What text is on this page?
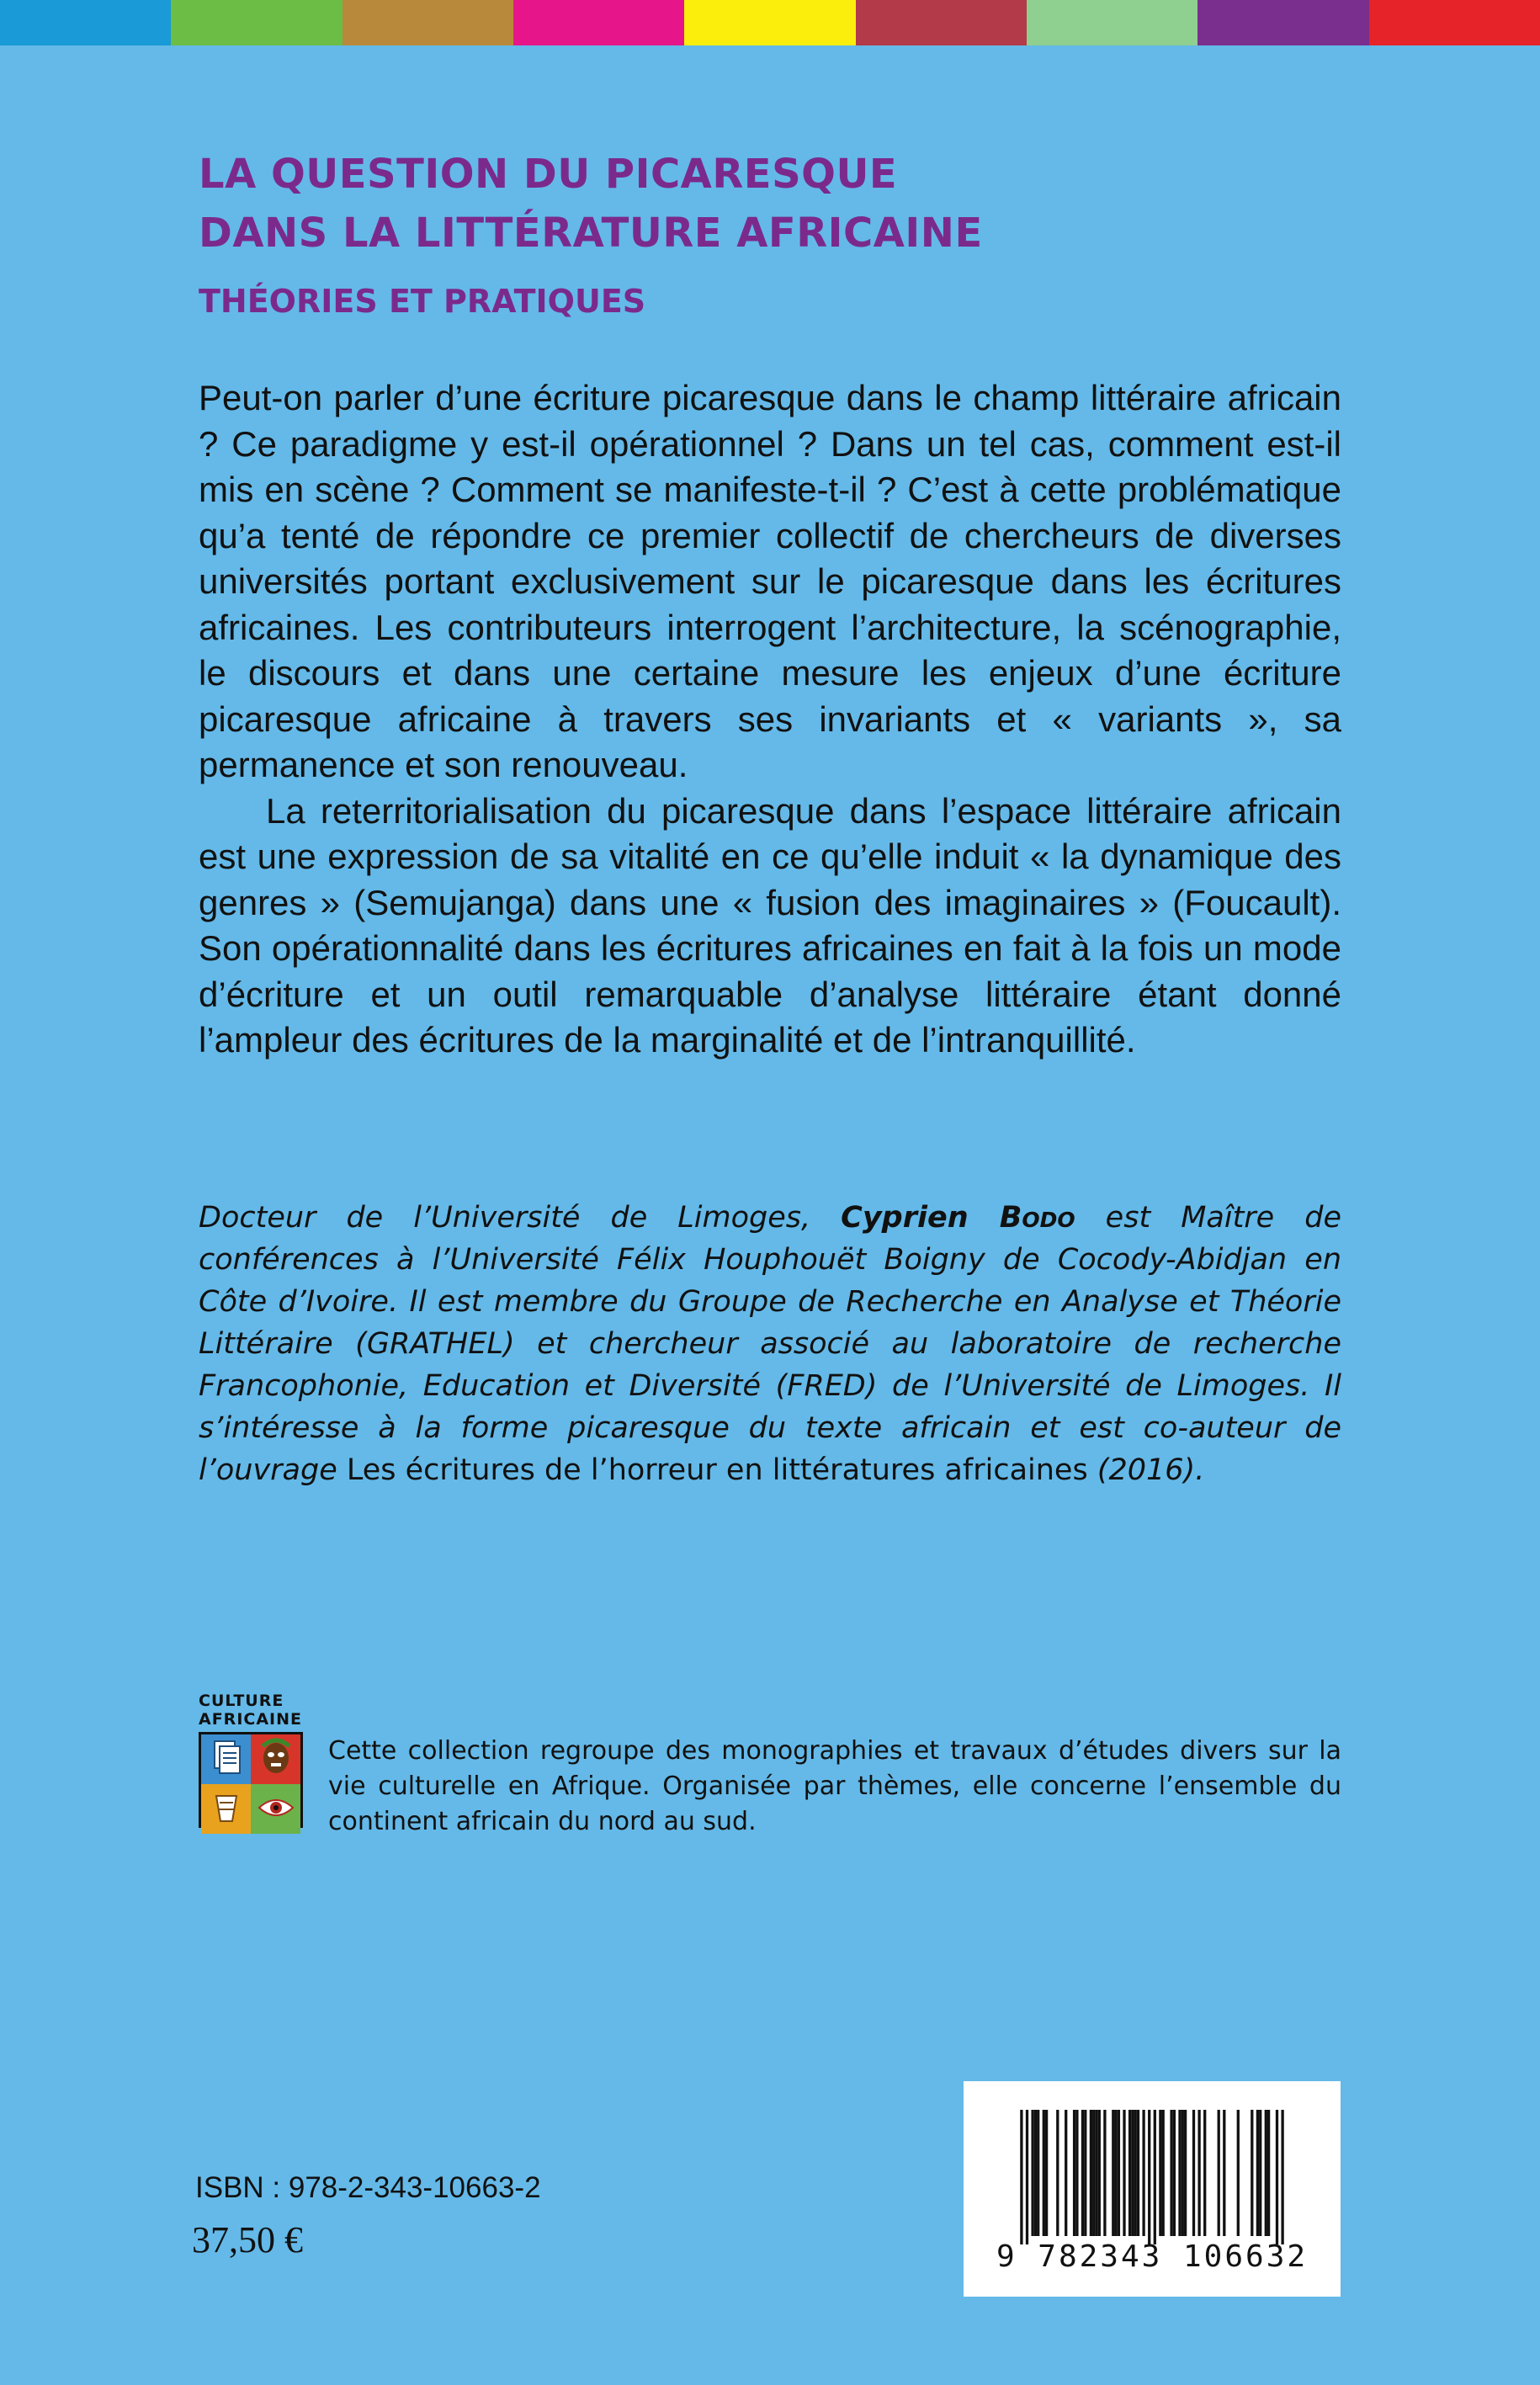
LA QUESTION DU PICARESQUE
DANS LA LITTÉRATURE AFRICAINE
THÉORIES ET PRATIQUES

Peut-on parler d’une écriture picaresque dans le champ littéraire africain ? Ce paradigme y est-il opérationnel ? Dans un tel cas, comment est-il mis en scène ? Comment se manifeste-t-il ? C’est à cette problématique qu’a tenté de répondre ce premier collectif de chercheurs de diverses universités portant exclusivement sur le picaresque dans les écritures africaines. Les contributeurs interrogent l’architecture, la scénographie, le discours et dans une certaine mesure les enjeux d’une écriture picaresque africaine à travers ses invariants et « variants », sa permanence et son renouveau.

La reterritorialisation du picaresque dans l’espace littéraire africain est une expression de sa vitalité en ce qu’elle induit « la dynamique des genres » (Semujanga) dans une « fusion des imaginaires » (Foucault). Son opérationnalité dans les écritures africaines en fait à la fois un mode d’écriture et un outil remarquable d’analyse littéraire étant donné l’ampleur des écritures de la marginalité et de l’intranquillité.

Docteur de l’Université de Limoges, Cyprien Bodo est Maître de conférences à l’Université Félix Houphouët Boigny de Cocody-Abidjan en Côte d’Ivoire. Il est membre du Groupe de Recherche en Analyse et Théorie Littéraire (GRATHEL) et chercheur associé au laboratoire de recherche Francophonie, Education et Diversité (FRED) de l’Université de Limoges. Il s’intéresse à la forme picaresque du texte africain et est co-auteur de l’ouvrage Les écritures de l’horreur en littératures africaines (2016).
CULTURE
AFRICAINE
Cette collection regroupe des monographies et travaux d’études divers sur la vie culturelle en Afrique. Organisée par thèmes, elle concerne l’ensemble du continent africain du nord au sud.
ISBN : 978-2-343-10663-2
37,50 €	9 782343 106632
